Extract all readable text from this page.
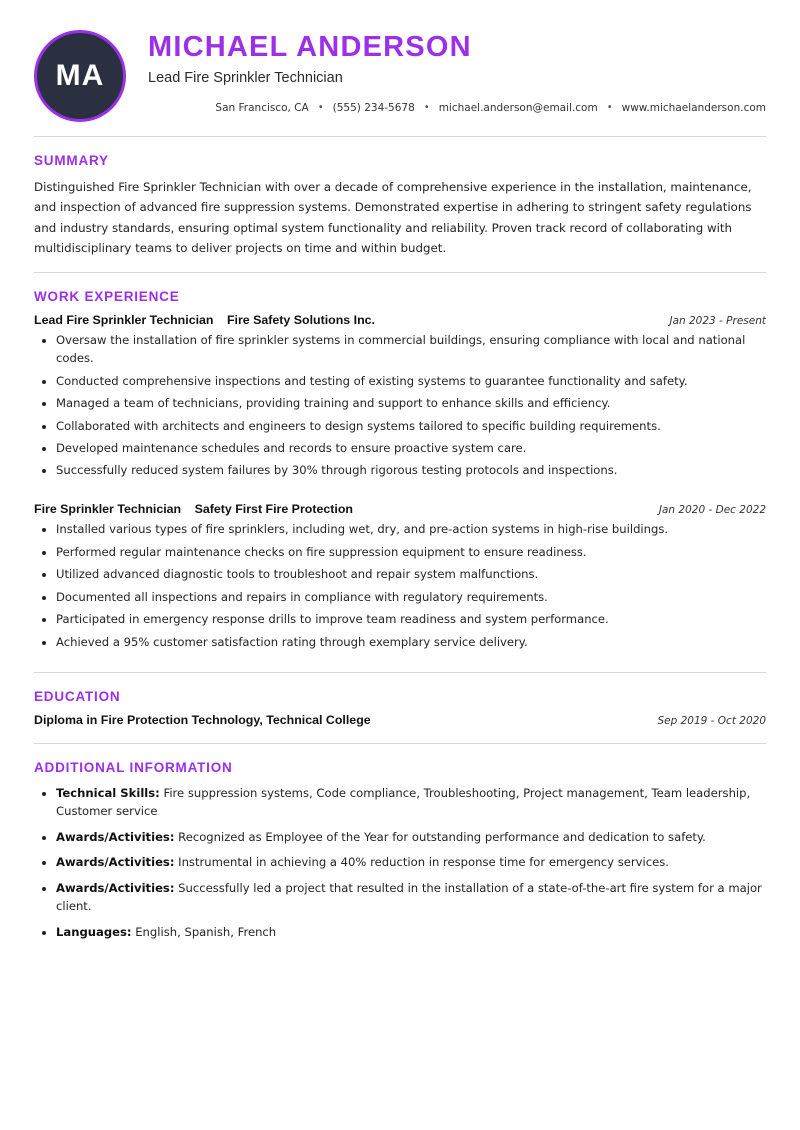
MA
MICHAEL ANDERSON
Lead Fire Sprinkler Technician
San Francisco, CA • (555) 234-5678 • michael.anderson@email.com • www.michaelanderson.com
SUMMARY
Distinguished Fire Sprinkler Technician with over a decade of comprehensive experience in the installation, maintenance, and inspection of advanced fire suppression systems. Demonstrated expertise in adhering to stringent safety regulations and industry standards, ensuring optimal system functionality and reliability. Proven track record of collaborating with multidisciplinary teams to deliver projects on time and within budget.
WORK EXPERIENCE
Lead Fire Sprinkler Technician Fire Safety Solutions Inc.	Jan 2023 - Present
• Oversaw the installation of fire sprinkler systems in commercial buildings, ensuring compliance with local and national codes.
• Conducted comprehensive inspections and testing of existing systems to guarantee functionality and safety.
• Managed a team of technicians, providing training and support to enhance skills and efficiency.
• Collaborated with architects and engineers to design systems tailored to specific building requirements.
• Developed maintenance schedules and records to ensure proactive system care.
• Successfully reduced system failures by 30% through rigorous testing protocols and inspections.
Fire Sprinkler Technician Safety First Fire Protection	Jan 2020 - Dec 2022
• Installed various types of fire sprinklers, including wet, dry, and pre-action systems in high-rise buildings.
• Performed regular maintenance checks on fire suppression equipment to ensure readiness.
• Utilized advanced diagnostic tools to troubleshoot and repair system malfunctions.
• Documented all inspections and repairs in compliance with regulatory requirements.
• Participated in emergency response drills to improve team readiness and system performance.
• Achieved a 95% customer satisfaction rating through exemplary service delivery.
EDUCATION
Diploma in Fire Protection Technology, Technical College	Sep 2019 - Oct 2020
ADDITIONAL INFORMATION
• Technical Skills: Fire suppression systems, Code compliance, Troubleshooting, Project management, Team leadership, Customer service
• Awards/Activities: Recognized as Employee of the Year for outstanding performance and dedication to safety.
• Awards/Activities: Instrumental in achieving a 40% reduction in response time for emergency services.
• Awards/Activities: Successfully led a project that resulted in the installation of a state-of-the-art fire system for a major client.
• Languages: English, Spanish, French
